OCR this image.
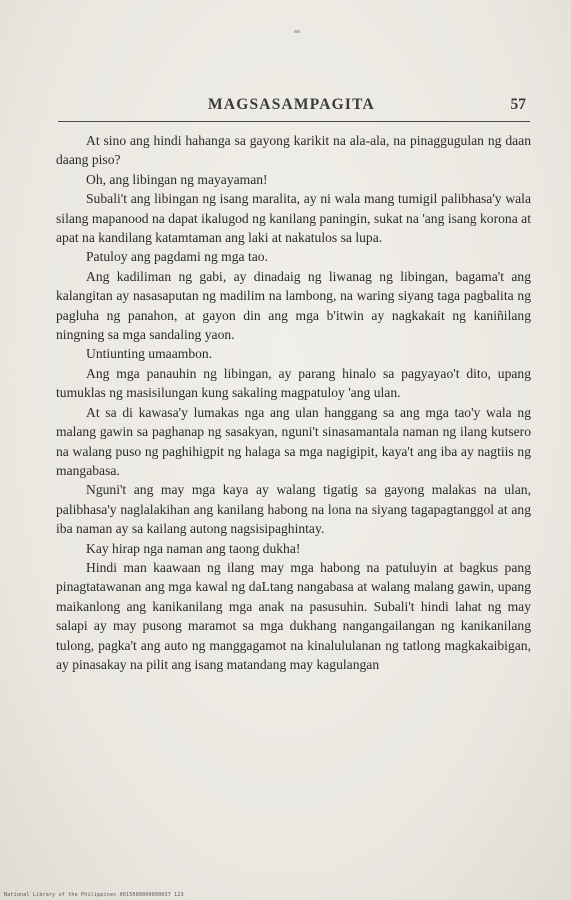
MAGSASAMPAGITA	57

At sino ang hindi hahanga sa gayong karikit na ala-ala, na pinaggugulan ng daan daang piso?

Oh, ang libingan ng mayayaman!

Subali't ang libingan ng isang maralita, ay ni wala mang tumigil palibhasa'y wala silang mapanood na dapat ikalugod ng kanilang paningin, sukat na 'ang isang korona at apat na kandilang katamtaman ang laki at nakatulos sa lupa.

Patuloy ang pagdami ng mga tao.

Ang kadiliman ng gabi, ay dinadaig ng liwanag ng libingan, bagama't ang kalangitan ay nasasaputan ng madilim na lambong, na waring siyang taga pagbalita ng pagluha ng panahon, at gayon din ang mga b'itwin ay nagkakait ng kaniñilang ningning sa mga sandaling yaon.

Untiunting umaambon.

Ang mga panauhin ng libingan, ay parang hinalo sa pagyayao't dito, upang tumuklas ng masisilungan kung sakaling magpatuloy 'ang ulan.

At sa di kawasa'y lumakas nga ang ulan hanggang sa ang mga tao'y wala ng malang gawin sa paghanap ng sasakyan, nguni't sinasamantala naman ng ilang kutsero na walang puso ng paghihigpit ng halaga sa mga nagigipit, kaya't ang iba ay nagtiis ng mangabasa.

Nguni't ang may mga kaya ay walang tigatig sa gayong malakas na ulan, palibhasa'y naglalakihan ang kanilang habong na lona na siyang tagapagtanggol at ang iba naman ay sa kailang autong nagsisipaghintay.

Kay hirap nga naman ang taong dukha!

Hindi man kaawaan ng ilang may mga habong na patuluyin at bagkus pang pinagtatawanan ang mga kawal ng daLtang nangabasa at walang malang gawin, upang maikanlong ang kanikanilang mga anak na pasusuhin. Subali't hindi lahat ng may salapi ay may pusong maramot sa mga dukhang nangangailangan ng kanikanilang tulong, pagka't ang auto ng manggagamot na kinalululanan ng tatlong magkakaibigan, ay pinasakay na pilit ang isang matandang may kagulangan

National Library of the Philippines 0015000000000037 123
